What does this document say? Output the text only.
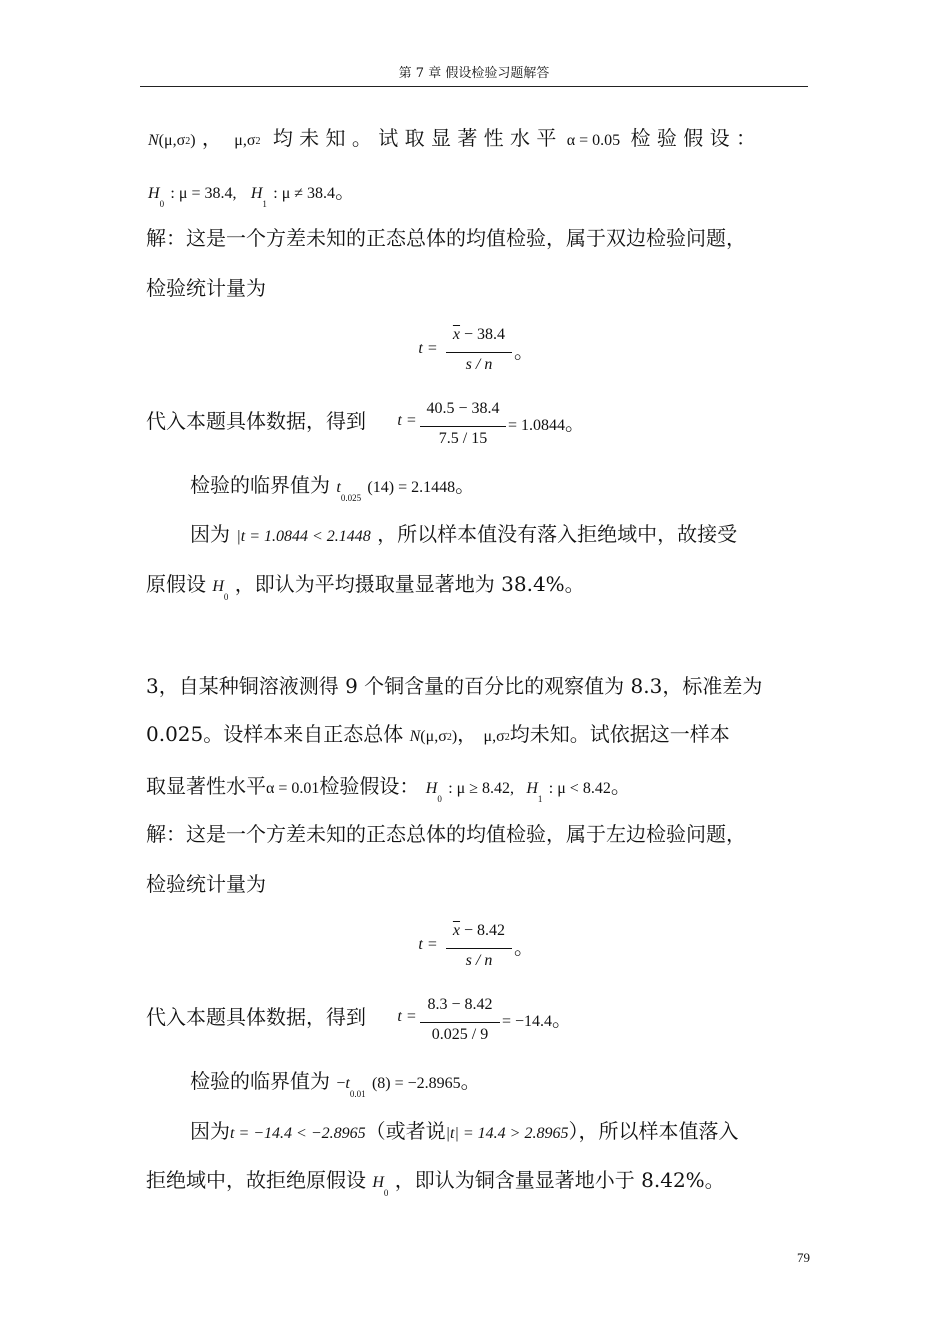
第 7 章 假设检验习题解答
N(μ,σ2) ， μ,σ2 均 未 知 。 试 取 显 著 性 水 平 α = 0.05 检 验 假 设 ：
$H_0$ : μ = 38.4, $H_1$ : μ ≠ 38.4。
解：这是一个方差未知的正态总体的均值检验，属于双边检验问题，
检验统计量为
t =
$\overline{x} - 38.4$
s / n
。
代入本题具体数据，得到	t =
40.5 − 38.4
7.5 / 15
= 1.0844。
检验的临界值为 $t_{0.025}$ (14) = 2.1448。
因为 |t = 1.0844 < 2.1448 ，所以样本值没有落入拒绝域中，故接受
原假设 $H_0$ ，即认为平均摄取量显著地为 38.4%。
3，自某种铜溶液测得 9 个铜含量的百分比的观察值为 8.3，标准差为
0.025。设样本来自正态总体 N(μ,σ2)， μ,σ2均未知。试依据这一样本
取显著性水平α = 0.01检验假设： $H_0$ : μ ≥ 8.42, $H_1$ : μ < 8.42。
解：这是一个方差未知的正态总体的均值检验，属于左边检验问题，
检验统计量为
t =
$\overline{x} - 8.42$
s / n
。
代入本题具体数据，得到	t =
8.3 − 8.42
0.025 / 9
= −14.4。
检验的临界值为 $-t_{0.01}$ (8) = −2.8965。
因为t = −14.4 < −2.8965（或者说|t| = 14.4 > 2.8965），所以样本值落入
拒绝域中，故拒绝原假设 $H_0$ ，即认为铜含量显著地小于 8.42%。
79
